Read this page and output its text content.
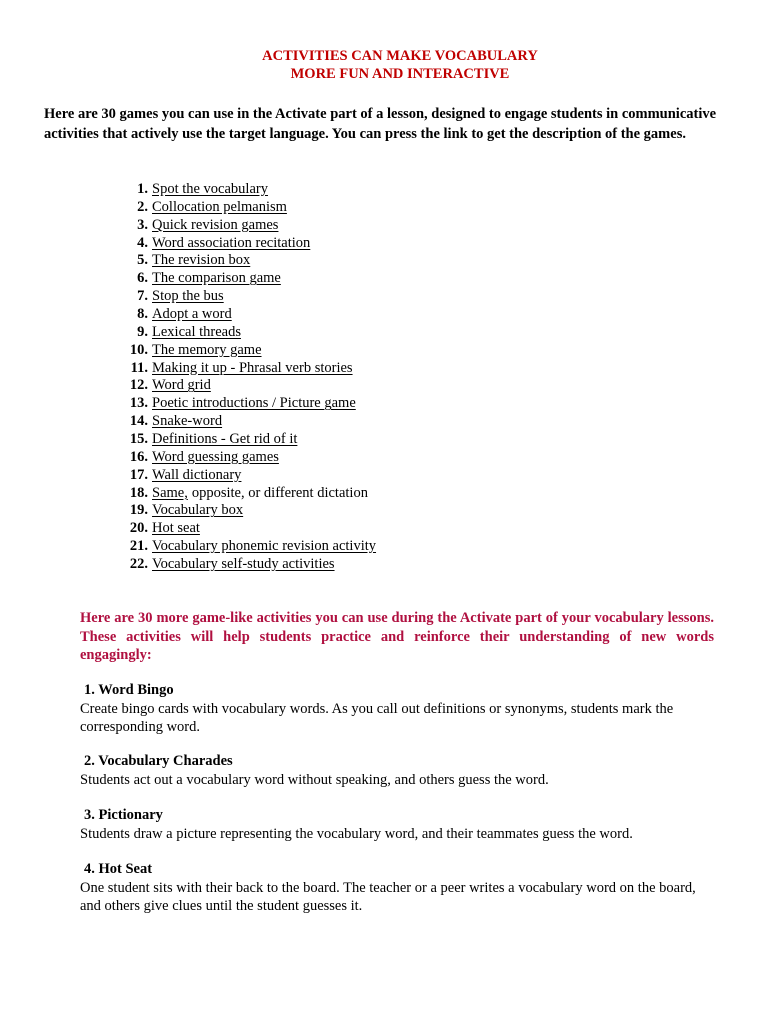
ACTIVITIES CAN MAKE VOCABULARY
MORE FUN AND INTERACTIVE
Here are 30 games you can use in the Activate part of a lesson, designed to engage students in communicative activities that actively use the target language. You can press the link to get the description of the games.
1. Spot the vocabulary
2. Collocation pelmanism
3. Quick revision games
4. Word association recitation
5. The revision box
6. The comparison game
7. Stop the bus
8. Adopt a word
9. Lexical threads
10. The memory game
11. Making it up - Phrasal verb stories
12. Word grid
13. Poetic introductions / Picture game
14. Snake-word
15. Definitions - Get rid of it
16. Word guessing games
17. Wall dictionary
18. Same, opposite, or different dictation
19. Vocabulary box
20. Hot seat
21. Vocabulary phonemic revision activity
22. Vocabulary self-study activities
Here are 30 more game-like activities you can use during the Activate part of your vocabulary lessons. These activities will help students practice and reinforce their understanding of new words engagingly:
1. Word Bingo
Create bingo cards with vocabulary words. As you call out definitions or synonyms, students mark the corresponding word.
2. Vocabulary Charades
Students act out a vocabulary word without speaking, and others guess the word.
3. Pictionary
Students draw a picture representing the vocabulary word, and their teammates guess the word.
4. Hot Seat
One student sits with their back to the board. The teacher or a peer writes a vocabulary word on the board, and others give clues until the student guesses it.
